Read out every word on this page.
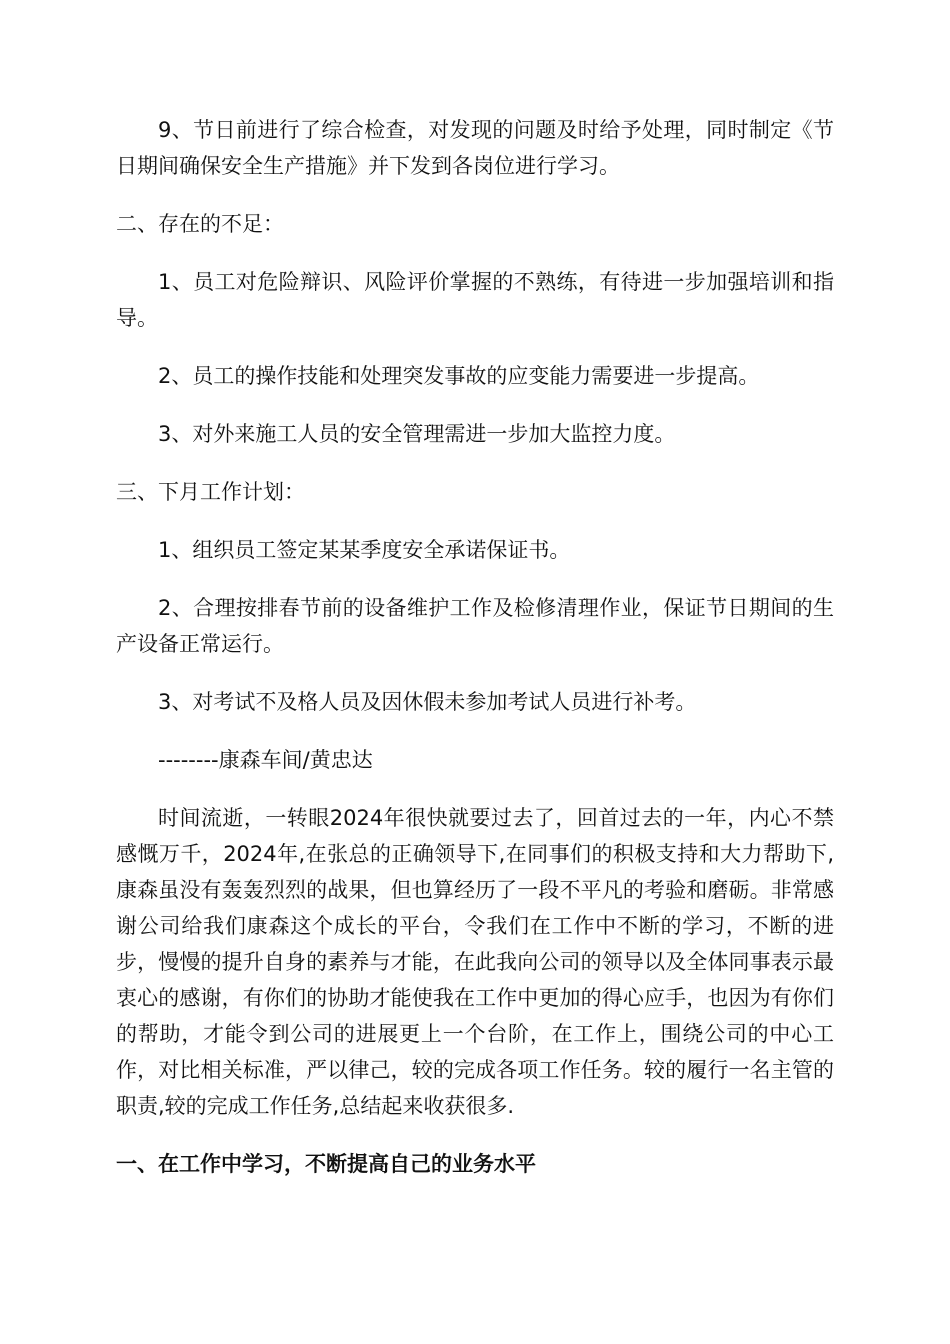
9、节日前进行了综合检查，对发现的问题及时给予处理，同时制定《节日期间确保安全生产措施》并下发到各岗位进行学习。

二、存在的不足：

1、员工对危险辩识、风险评价掌握的不熟练，有待进一步加强培训和指导。

2、员工的操作技能和处理突发事故的应变能力需要进一步提高。

3、对外来施工人员的安全管理需进一步加大监控力度。

三、下月工作计划：

1、组织员工签定某某季度安全承诺保证书。

2、合理按排春节前的设备维护工作及检修清理作业，保证节日期间的生产设备正常运行。

3、对考试不及格人员及因休假未参加考试人员进行补考。

--------康森车间/黄忠达

时间流逝，一转眼2024年很快就要过去了，回首过去的一年，内心不禁感慨万千，2024年,在张总的正确领导下,在同事们的积极支持和大力帮助下,康森虽没有轰轰烈烈的战果，但也算经历了一段不平凡的考验和磨砺。非常感谢公司给我们康森这个成长的平台，令我们在工作中不断的学习，不断的进步，慢慢的提升自身的素养与才能，在此我向公司的领导以及全体同事表示最衷心的感谢，有你们的协助才能使我在工作中更加的得心应手，也因为有你们的帮助，才能令到公司的进展更上一个台阶，在工作上，围绕公司的中心工作，对比相关标准，严以律己，较的完成各项工作任务。较的履行一名主管的职责,较的完成工作任务,总结起来收获很多.

一、在工作中学习，不断提高自己的业务水平
